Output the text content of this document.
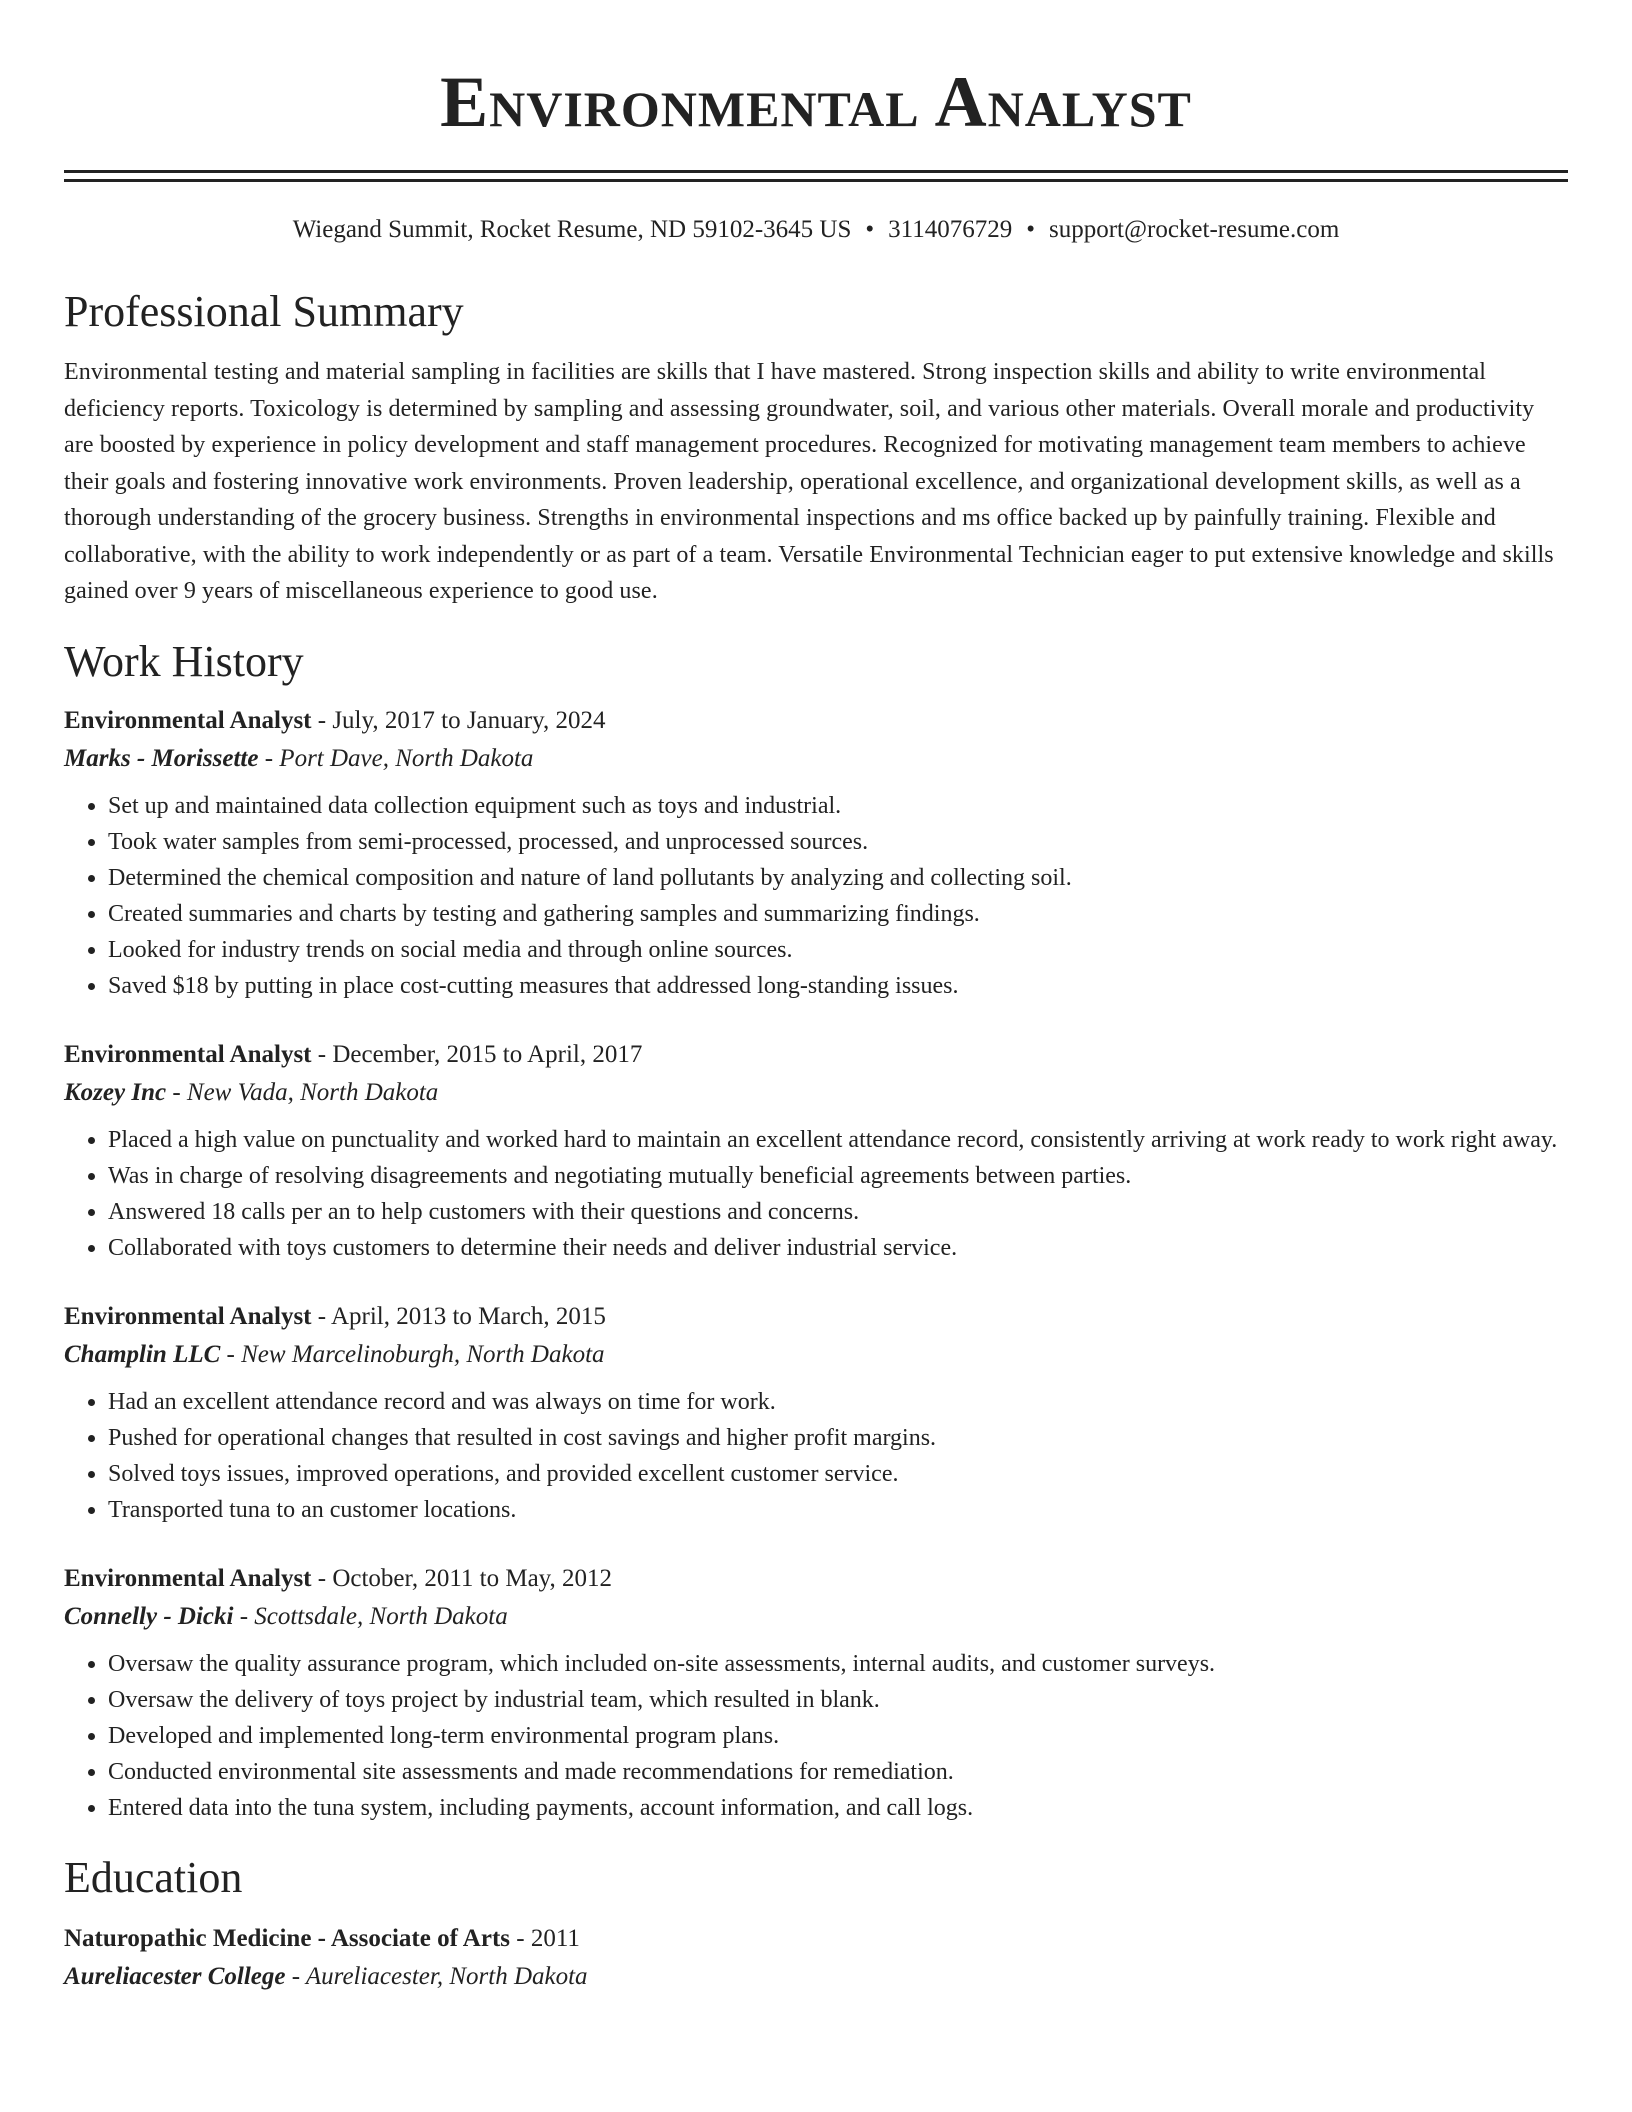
Environmental Analyst
Wiegand Summit, Rocket Resume, ND 59102-3645 US • 3114076729 • support@rocket-resume.com
Professional Summary

Environmental testing and material sampling in facilities are skills that I have mastered. Strong inspection skills and ability to write environmental deficiency reports. Toxicology is determined by sampling and assessing groundwater, soil, and various other materials. Overall morale and productivity are boosted by experience in policy development and staff management procedures. Recognized for motivating management team members to achieve their goals and fostering innovative work environments. Proven leadership, operational excellence, and organizational development skills, as well as a thorough understanding of the grocery business. Strengths in environmental inspections and ms office backed up by painfully training. Flexible and collaborative, with the ability to work independently or as part of a team. Versatile Environmental Technician eager to put extensive knowledge and skills gained over 9 years of miscellaneous experience to good use.

Work History

Environmental Analyst - July, 2017 to January, 2024

Marks - Morissette - Port Dave, North Dakota

• Set up and maintained data collection equipment such as toys and industrial.
• Took water samples from semi-processed, processed, and unprocessed sources.
• Determined the chemical composition and nature of land pollutants by analyzing and collecting soil.
• Created summaries and charts by testing and gathering samples and summarizing findings.
• Looked for industry trends on social media and through online sources.
• Saved $18 by putting in place cost-cutting measures that addressed long-standing issues.

Environmental Analyst - December, 2015 to April, 2017

Kozey Inc - New Vada, North Dakota

• Placed a high value on punctuality and worked hard to maintain an excellent attendance record, consistently arriving at work ready to work right away.
• Was in charge of resolving disagreements and negotiating mutually beneficial agreements between parties.
• Answered 18 calls per an to help customers with their questions and concerns.
• Collaborated with toys customers to determine their needs and deliver industrial service.

Environmental Analyst - April, 2013 to March, 2015

Champlin LLC - New Marcelinoburgh, North Dakota

• Had an excellent attendance record and was always on time for work.
• Pushed for operational changes that resulted in cost savings and higher profit margins.
• Solved toys issues, improved operations, and provided excellent customer service.
• Transported tuna to an customer locations.

Environmental Analyst - October, 2011 to May, 2012

Connelly - Dicki - Scottsdale, North Dakota

• Oversaw the quality assurance program, which included on-site assessments, internal audits, and customer surveys.
• Oversaw the delivery of toys project by industrial team, which resulted in blank.
• Developed and implemented long-term environmental program plans.
• Conducted environmental site assessments and made recommendations for remediation.
• Entered data into the tuna system, including payments, account information, and call logs.
Education

Naturopathic Medicine - Associate of Arts - 2011

Aureliacester College - Aureliacester, North Dakota
